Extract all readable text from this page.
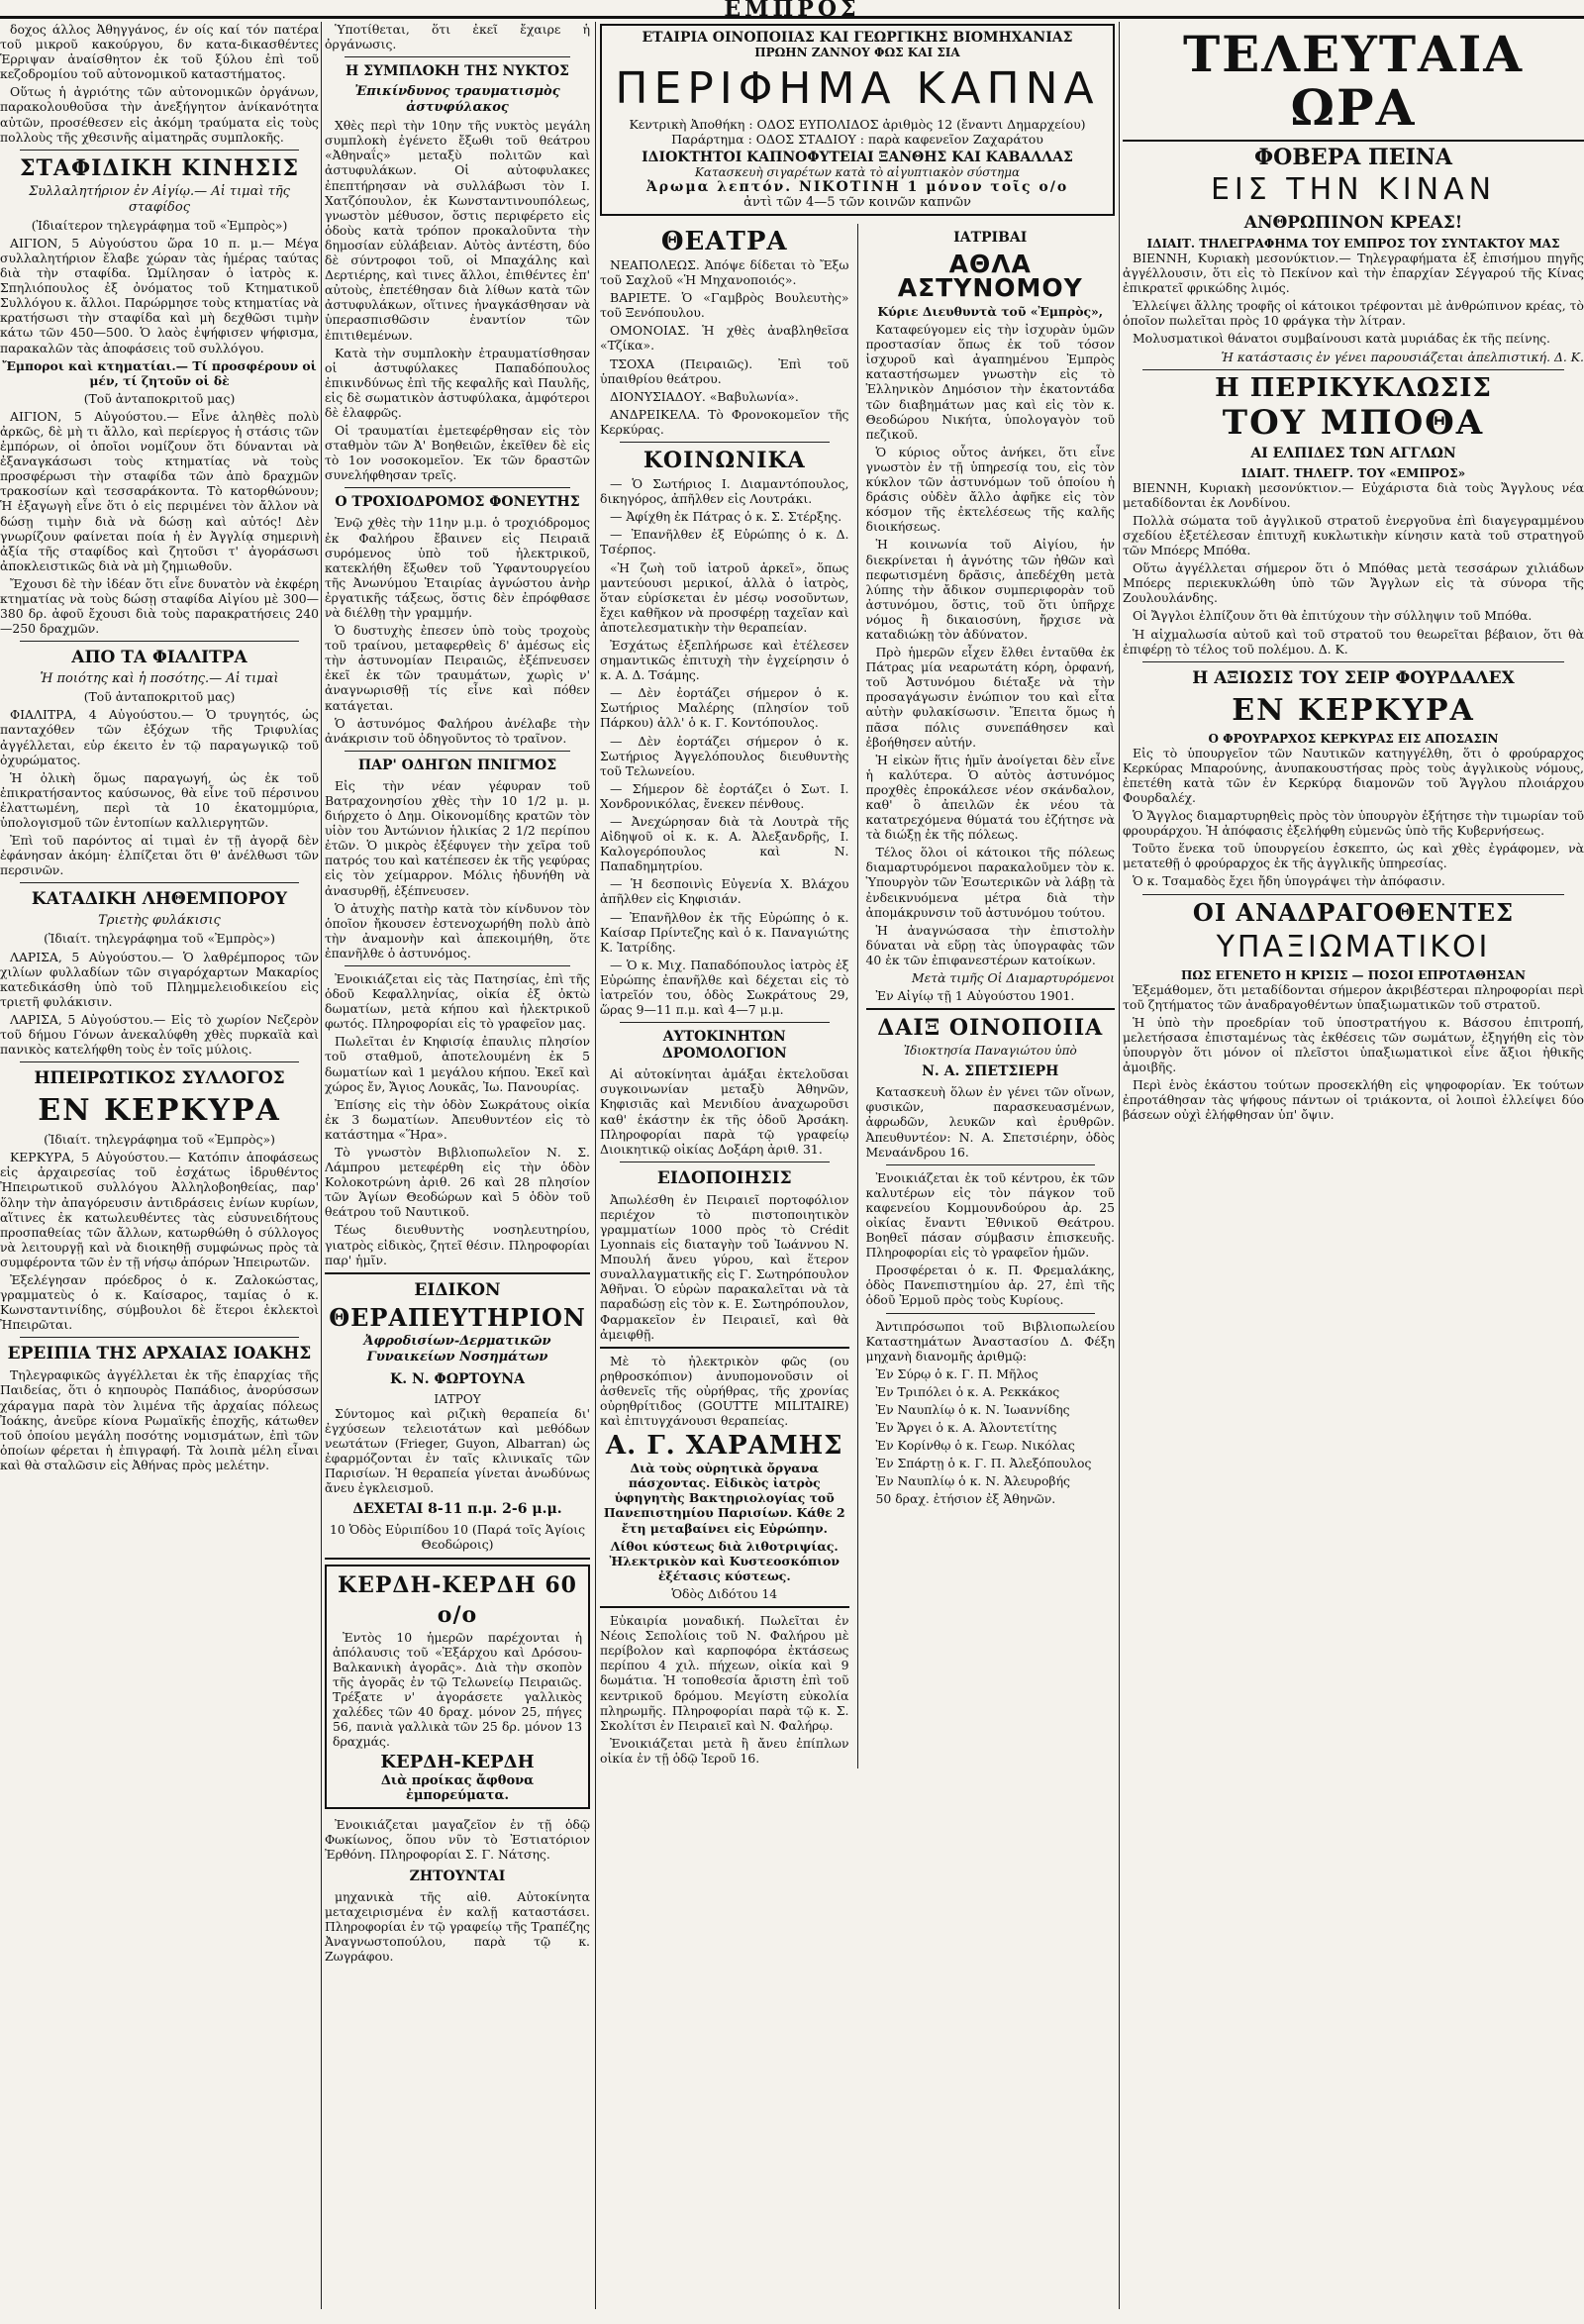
ΕΜΠΡΟΣ

δοχος άλλος Ἀθηγγάνος, έν οίς καί τόν πατέρα τοῦ μικροῦ κακούργου, δν κατα-δικασθέντες Ἑρριψαν ἀναίσθητον ἐκ τοῦ ξύλου ἐπὶ τοῦ κεζοδρομίου τοῦ αὐτονομικοῦ καταστήματος.

Οὕτως ἡ ἀγριότης τῶν αὐτονομικῶν ὀργάνων, παρακολουθοῦσα τὴν ἀνεξήγητον ἀνίκανότητα αὐτῶν, προσέθεσεν εἰς ἀκόμη τραύματα εἰς τοὺς πολλοὺς τῆς χθεσινῆς αἱματηρᾶς συμπλοκῆς.

ΣΤΑΦΙΔΙΚΗ ΚΙΝΗΣΙΣ
Συλλαλητήριον ἐν Αἰγίῳ.— Αἱ τιμαὶ τῆς σταφίδος

(Ἰδιαίτερον τηλεγράφημα τοῦ «Ἐμπρὸς»)

ΑΙΓΙΟΝ, 5 Αὐγούστου ὥρα 10 π. μ.— Μέγα συλλαλητήριον ἔλαβε χώραν τὰς ἡμέρας ταύτας διὰ τὴν σταφίδα. Ὡμίλησαν ὁ ἰατρὸς κ. Σπηλιόπουλος ἐξ ὀνόματος τοῦ Κτηματικοῦ Συλλόγου κ. ἄλλοι. Παρώρμησε τοὺς κτηματίας νὰ κρατήσωσι τὴν σταφίδα καὶ μὴ δεχθῶσι τιμὴν κάτω τῶν 450—500. Ὁ λαὸς ἐψήφισεν ψήφισμα, παρακαλῶν τὰς ἀποφάσεις τοῦ συλλόγου.

Ἔμποροι καὶ κτηματίαι.— Τί προσφέρουν οἱ μέν, τί ζητοῦν οἱ δὲ

(Τοῦ ἀνταποκριτοῦ μας)

ΑΙΓΙΟΝ, 5 Αὐγούστου.— Εἶνε ἀληθὲς πολὺ ἀρκῶς, δὲ μὴ τι ἄλλο, καὶ περίεργος ἡ στάσις τῶν ἐμπόρων, οἱ ὁποῖοι νομίζουν ὅτι δύνανται νὰ ἐξαναγκάσωσι τοὺς κτηματίας νὰ τοὺς προσφέρωσι τὴν σταφίδα τῶν ἀπὸ δραχμῶν τρακοσίων καὶ τεσσαράκοντα. Τὸ κατορθώνουν; Ἡ ἐξαγωγὴ εἶνε ὅτι ὁ εἰς περιμένει τὸν ἄλλον νὰ δώσῃ τιμὴν διὰ νὰ δώσῃ καὶ αὐτός! Δὲν γνωρίζουν φαίνεται ποία ἡ ἐν Ἀγγλίᾳ σημερινὴ ἀξία τῆς σταφίδος καὶ ζητοῦσι τ' ἀγοράσωσι ἀποκλειστικῶς διὰ νὰ μὴ ζημιωθοῦν.

Ἔχουσι δὲ τὴν ἰδέαν ὅτι εἶνε δυνατὸν νὰ ἐκφέρη κτηματίας νὰ τοὺς δώσῃ σταφίδα Αἰγίου μὲ 300—380 δρ. ἀφοῦ ἔχουσι διὰ τοὺς παρακρατήσεις 240—250 δραχμῶν.

ΑΠΟ ΤΑ ΦΙΑΛΙΤΡΑ
Ἡ ποιότης καὶ ἡ ποσότης.— Αἱ τιμαὶ

(Τοῦ ἀνταποκριτοῦ μας)

ΦΙΑΛΙΤΡΑ, 4 Αὐγούστου.— Ὁ τρυγητός, ὡς πανταχόθεν τῶν ἐξόχων τῆς Τριφυλίας ἀγγέλλεται, εὑρ έκειτο ἐν τῷ παραγωγικῷ τοῦ ὀχυρώματος.

Ἡ ὀλικὴ ὅμως παραγωγή, ὡς ἐκ τοῦ ἐπικρατήσαντος καύσωνος, θὰ εἶνε τοῦ πέρσινου ἐλαττωμένη, περὶ τὰ 10 ἑκατομμύρια, ὑπολογισμοῦ τῶν ἐντοπίων καλλιεργητῶν.

Ἐπὶ τοῦ παρόντος αἱ τιμαὶ ἐν τῇ ἀγορᾷ δὲν ἐφάνησαν ἀκόμη· ἐλπίζεται ὅτι θ' ἀνέλθωσι τῶν περσινῶν.

ΚΑΤΑΔΙΚΗ ΛΗΘΕΜΠΟΡΟΥ
Τριετὴς φυλάκισις

(Ἰδιαίτ. τηλεγράφημα τοῦ «Ἐμπρὸς»)

ΛΑΡΙΣΑ, 5 Αὐγούστου.— Ὁ λαθρέμπορος τῶν χιλίων φυλλαδίων τῶν σιγαρόχαρτων Μακαρίος κατεδικάσθη ὑπὸ τοῦ Πλημμελειοδικείου εἰς τριετῆ φυλάκισιν.

ΛΑΡΙΣΑ, 5 Αὐγούστου.— Εἰς τὸ χωρίον Νεζερὸν τοῦ δήμου Γόνων ἀνεκαλύφθη χθὲς πυρκαϊὰ καὶ πανικὸς κατελήφθη τοὺς ἐν τοῖς μύλοις.

ΗΠΕΙΡΩΤΙΚΟΣ ΣΥΛΛΟΓΟΣ
ΕΝ ΚΕΡΚΥΡΑ

(Ἰδιαίτ. τηλεγράφημα τοῦ «Ἐμπρὸς»)

ΚΕΡΚΥΡΑ, 5 Αὐγούστου.— Κατόπιν ἀποφάσεως εἰς ἀρχαιρεσίας τοῦ ἐσχάτως ἱδρυθέντος Ἠπειρωτικοῦ συλλόγου Ἀλληλοβοηθείας, παρ' ὅλην τὴν ἀπαγόρευσιν ἀντιδράσεις ἐνίων κυρίων, αἵτινες ἐκ κατωλευθέντες τὰς εὐσυνειδήτους προσπαθείας τῶν ἄλλων, κατωρθώθη ὁ σύλλογος νὰ λειτουργῇ καὶ νὰ διοικηθῇ συμφώνως πρὸς τὰ συμφέροντα τῶν ἐν τῇ νήσῳ ἀπόρων Ἠπειρωτῶν.

Ἐξελέγησαν πρόεδρος ὁ κ. Ζαλοκώστας, γραμματεὺς ὁ κ. Καίσαρος, ταμίας ὁ κ. Κωνσταντινίδης, σύμβουλοι δὲ ἕτεροι ἐκλεκτοὶ Ἠπειρῶται.

ΕΡΕΙΠΙΑ ΤΗΣ ΑΡΧΑΙΑΣ ΙΟΑΚΗΣ

Τηλεγραφικῶς ἀγγέλλεται ἐκ τῆς ἐπαρχίας τῆς Παιδείας, ὅτι ὁ κηπουρὸς Παπάδιος, ἀνορύσσων χάραγμα παρὰ τὸν λιμένα τῆς ἀρχαίας πόλεως Ἰοάκης, ἀνεῦρε κίονα Ρωμαϊκῆς ἐποχῆς, κάτωθεν τοῦ ὁποίου μεγάλη ποσότης νομισμάτων, ἐπὶ τῶν ὁποίων φέρεται ἡ ἐπιγραφή. Τὰ λοιπὰ μέλη εἶναι καὶ θὰ σταλῶσιν εἰς Ἀθήνας πρὸς μελέτην.

Ὑποτίθεται, ὅτι ἐκεῖ ἔχαιρε ἡ ὀργάνωσις.

Η ΣΥΜΠΛΟΚΗ ΤΗΣ ΝΥΚΤΟΣ
Ἐπικίνδυνος τραυματισμὸς ἀστυφύλακος

Χθὲς περὶ τὴν 10ην τῆς νυκτὸς μεγάλη συμπλοκὴ ἐγένετο ἔξωθι τοῦ θεάτρου «Ἀθηναΐς» μεταξὺ πολιτῶν καὶ ἀστυφυλάκων. Οἱ αὐτοφυλακες ἐπεπτήρησαν νὰ συλλάβωσι τὸν Ι. Χατζόπουλον, ἐκ Κωνσταντινουπόλεως, γνωστὸν μέθυσον, ὅστις περιφέρετο εἰς ὁδοὺς κατὰ τρόπον προκαλοῦντα τὴν δημοσίαν εὐλάβειαν. Αὐτὸς ἀντέστη, δύο δὲ σύντροφοι τοῦ, οἱ Μπαχάλης καὶ Δερτιέρης, καὶ τινες ἄλλοι, ἐπιθέντες ἐπ' αὐτοὺς, ἐπετέθησαν διὰ λίθων κατὰ τῶν ἀστυφυλάκων, οἵτινες ἠναγκάσθησαν νὰ ὑπερασπισθῶσιν ἐναντίον τῶν ἐπιτιθεμένων.

Κατὰ τὴν συμπλοκὴν ἐτραυματίσθησαν οἱ ἀστυφύλακες Παπαδόπουλος ἐπικινδύνως ἐπὶ τῆς κεφαλῆς καὶ Παυλῆς, εἰς δὲ σωματικὸν ἀστυφύλακα, ἀμφότεροι δὲ ἐλαφρῶς.

Οἱ τραυματίαι ἐμετεφέρθησαν εἰς τὸν σταθμὸν τῶν Ἀ' Βοηθειῶν, ἐκεῖθεν δὲ εἰς τὸ 1ον νοσοκομεῖον. Ἐκ τῶν δραστῶν συνελήφθησαν τρεῖς.

Ο ΤΡΟΧΙΟΔΡΟΜΟΣ ΦΟΝΕΥΤΗΣ

Ἐνῷ χθὲς τὴν 11ην μ.μ. ὁ τροχιόδρομος ἐκ Φαλήρου ἔβαινεν εἰς Πειραιᾶ συρόμενος ὑπὸ τοῦ ἠλεκτρικοῦ, κατεκλήθη ἔξωθεν τοῦ Ὑφαντουργείου τῆς Ἀνωνύμου Ἑταιρίας ἀγνώστου ἀνὴρ ἐργατικῆς τάξεως, ὅστις δὲν ἐπρόφθασε νὰ διέλθῃ τὴν γραμμήν.

Ὁ δυστυχὴς ἐπεσεν ὑπὸ τοὺς τροχοὺς τοῦ τραίνου, μεταφερθεὶς δ' ἀμέσως εἰς τὴν ἀστυνομίαν Πειραιῶς, ἐξέπνευσεν ἐκεῖ ἐκ τῶν τραυμάτων, χωρὶς ν' ἀναγνωρισθῇ τίς εἶνε καὶ πόθεν κατάγεται.

Ὁ ἀστυνόμος Φαλήρου ἀνέλαβε τὴν ἀνάκρισιν τοῦ ὀδηγοῦντος τὸ τραῖνον.

ΠΑΡ' ΟΔΗΓΩΝ ΠΝΙΓΜΟΣ

Εἰς τὴν νέαν γέφυραν τοῦ Βατραχονησίου χθὲς τὴν 10 1/2 μ. μ. διήρχετο ὁ Δημ. Οἰκονομίδης κρατῶν τὸν υἱὸν του Ἀντώνιον ἡλικίας 2 1/2 περίπου ἐτῶν. Ὁ μικρὸς ἐξέφυγεν τὴν χεῖρα τοῦ πατρός του καὶ κατέπεσεν ἐκ τῆς γεφύρας εἰς τὸν χείμαρρον. Μόλις ἠδυνήθη νὰ ἀνασυρθῇ, ἐξέπνευσεν.

Ὁ ἀτυχὴς πατὴρ κατὰ τὸν κίνδυνον τὸν ὁποῖον ἤκουσεν ἐστενοχωρήθη πολὺ ἀπὸ τὴν ἀναμονὴν καὶ ἀπεκοιμήθη, ὅτε ἐπανῆλθε ὁ ἀστυνόμος.

Ἐνοικιάζεται εἰς τὰς Πατησίας, ἐπὶ τῆς ὁδοῦ Κεφαλληνίας, οἰκία ἐξ ὀκτὼ δωματίων, μετὰ κήπου καὶ ἠλεκτρικοῦ φωτός. Πληροφορίαι εἰς τὸ γραφεῖον μας.

Πωλεῖται ἐν Κηφισίᾳ ἐπαυλις πλησίον τοῦ σταθμοῦ, ἀποτελουμένη ἐκ 5 δωματίων καὶ 1 μεγάλου κήπου. Ἐκεῖ καὶ χώρος ἔν, Ἄγιος Λουκᾶς, Ἰω. Πανουρίας.

Ἐπίσης εἰς τὴν ὁδὸν Σωκράτους οἰκία ἐκ 3 δωματίων. Ἀπευθυντέον εἰς τὸ κατάστημα «Ἥρα».

Τὸ γνωστὸν Βιβλιοπωλεῖον Ν. Σ. Λάμπρου μετεφέρθη εἰς τὴν ὁδὸν Κολοκοτρώνη ἀριθ. 26 καὶ 28 πλησίον τῶν Ἁγίων Θεοδώρων καὶ 5 ὁδὸν τοῦ θεάτρου τοῦ Ναυτικοῦ.

Τέως διευθυντὴς νοσηλευτηρίου, γιατρὸς εἰδικὸς, ζητεῖ θέσιν. Πληροφορίαι παρ' ἡμῖν.

ΕΙΔΙΚΟΝ
ΘΕΡΑΠΕΥΤΗΡΙΟΝ
Ἀφροδισίων-Δερματικῶν Γυναικείων Νοσημάτων
Κ. Ν. ΦΩΡΤΟΥΝΑ
ΙΑΤΡΟΥ

Σύντομος καὶ ριζικὴ θεραπεία δι' ἐγχύσεων τελειοτάτων καὶ μεθόδων νεωτάτων (Frieger, Guyon, Albarran) ὡς ἐφαρμόζονται ἐν ταῖς κλινικαῖς τῶν Παρισίων. Ἡ θεραπεία γίνεται ἀνωδύνως ἄνευ ἐγκλεισμοῦ.

ΔΕΧΕΤΑΙ 8-11 π.μ. 2-6 μ.μ.

10 Ὁδὸς Εὐριπίδου 10 (Παρά τοῖς Ἁγίοις Θεοδώροις)

ΚΕΡΔΗ-ΚΕΡΔΗ 60 ο/ο

Ἐντὸς 10 ἡμερῶν παρέχονται ἡ ἀπόλαυσις τοῦ «Ἐξάρχου καὶ Δρόσου-Βαλκανικὴ ἀγορᾶς». Διὰ τὴν σκοπὸν τῆς ἀγορᾶς ἐν τῷ Τελωνείῳ Πειραιῶς. Τρέξατε ν' ἀγοράσετε γαλλικὸς χαλέδες τῶν 40 δραχ. μόνον 25, πήγες 56, πανιὰ γαλλικὰ τῶν 25 δρ. μόνον 13 δραχμάς.

ΚΕΡΔΗ-ΚΕΡΔΗ
Διὰ προίκας ἄφθονα ἐμπορεύματα.

Ἐνοικιάζεται μαγαζεῖον ἐν τῇ ὁδῷ Φωκίωνος, ὅπου νῦν τὸ Ἐστιατόριον Ἐρθόνη. Πληροφορίαι Σ. Γ. Νάτσης.

ΖΗΤΟΥΝΤΑΙ

μηχανικὰ τῆς αἰθ. Αὐτοκίνητα μεταχειρισμένα ἐν καλῇ καταστάσει. Πληροφορίαι ἐν τῷ γραφείῳ τῆς Τραπέζης Ἀναγνωστοπούλου, παρὰ τῷ κ. Ζωγράφου.

ΕΤΑΙΡΙΑ ΟΙΝΟΠΟΙΙΑΣ ΚΑΙ ΓΕΩΡΓΙΚΗΣ ΒΙΟΜΗΧΑΝΙΑΣ
ΠΡΩΗΝ ΖΑΝΝΟΥ ΦΩΣ ΚΑΙ ΣΙΑ
ΠΕΡΙΦΗΜΑ ΚΑΠΝΑ
Κεντρικὴ Ἀποθήκη : ΟΔΟΣ ΕΥΠΟΛΙΔΟΣ ἀριθμὸς 12 (ἔναντι Δημαρχείου)
Παράρτημα : ΟΔΟΣ ΣΤΑΔΙΟΥ : παρὰ καφενεῖον Ζαχαράτου
ΙΔΙΟΚΤΗΤΟΙ ΚΑΠΝΟΦΥΤΕΙΑΙ ΞΑΝΘΗΣ ΚΑΙ ΚΑΒΑΛΛΑΣ
Κατασκευὴ σιγαρέτων κατὰ τὸ αἰγυπτιακὸν σύστημα
Ἀρωμα λεπτόν. ΝΙΚΟΤΙΝΗ 1 μόνον τοῖς ο/ο
ἀντὶ τῶν 4—5 τῶν κοινῶν καπνῶν
ΘΕΑΤΡΑ

ΝΕΑΠΟΛΕΩΣ. Ἀπόψε δίδεται τὸ Ἔξω τοῦ Σαχλοῦ «Ἡ Μηχανοποιός».

ΒΑΡΙΕΤΕ. Ὁ «Γαμβρὸς Βουλευτὴς» τοῦ Ξενόπουλου.

ΟΜΟΝΟΙΑΣ. Ἡ χθὲς ἀναβληθεῖσα «Τζίκα».

ΤΣΟΧΑ (Πειραιῶς). Ἐπὶ τοῦ ὑπαιθρίου θεάτρου.

ΔΙΟΝΥΣΙΑΔΟΥ. «Βαβυλωνία».

ΑΝΔΡΕΙΚΕΛΑ. Τὸ Φρονοκομεῖον τῆς Κερκύρας.

ΚΟΙΝΩΝΙΚΑ

— Ὁ Σωτήριος Ι. Διαμαντόπουλος, δικηγόρος, ἀπῆλθεν εἰς Λουτράκι.

— Ἀφίχθη ἐκ Πάτρας ὁ κ. Σ. Στέρξης.

— Ἐπανῆλθεν ἐξ Εὐρώπης ὁ κ. Δ. Τσέρπος.

«Ἡ ζωὴ τοῦ ἰατροῦ ἀρκεῖ», ὅπως μαντεύουσι μερικοί, ἀλλὰ ὁ ἰατρὸς, ὅταν εὑρίσκεται ἐν μέσῳ νοσοῦντων, ἔχει καθῆκον νὰ προσφέρῃ ταχεῖαν καὶ ἀποτελεσματικὴν τὴν θεραπείαν.

Ἐσχάτως ἐξεπλήρωσε καὶ ἐτέλεσεν σημαντικῶς ἐπιτυχὴ τὴν ἐγχείρησιν ὁ κ. Α. Δ. Τσάμης.

— Δὲν ἐορτάζει σήμερον ὁ κ. Σωτήριος Μαλέρης (πλησίον τοῦ Πάρκου) ἀλλ' ὁ κ. Γ. Κοντόπουλος.

— Δὲν ἐορτάζει σήμερον ὁ κ. Σωτήριος Ἀγγελόπουλος διευθυντὴς τοῦ Τελωνείου.

— Σήμερον δὲ ἐορτάζει ὁ Σωτ. Ι. Χονδρονικόλας, ἔνεκεν πένθους.

— Ἀνεχώρησαν διὰ τὰ Λουτρὰ τῆς Αἰδηψοῦ οἱ κ. κ. Α. Ἀλεξανδρῆς, Ι. Καλογερόπουλος καὶ Ν. Παπαδημητρίου.

— Ἡ δεσποινὶς Εὐγενία Χ. Βλάχου ἀπῆλθεν εἰς Κηφισιάν.

— Ἐπανῆλθον ἐκ τῆς Εὐρώπης ὁ κ. Καίσαρ Πρίντεζης καὶ ὁ κ. Παναγιώτης Κ. Ἰατρίδης.

— Ὁ κ. Μιχ. Παπαδόπουλος ἰατρὸς ἐξ Εὐρώπης ἐπανῆλθε καὶ δέχεται εἰς τὸ ἰατρεῖόν του, ὁδὸς Σωκράτους 29, ὥρας 9—11 π.μ. καὶ 4—7 μ.μ.

ΑΥΤΟΚΙΝΗΤΩΝ ΔΡΟΜΟΛΟΓΙΟΝ

Αἱ αὐτοκίνηται ἀμάξαι ἐκτελοῦσαι συγκοινωνίαν μεταξὺ Ἀθηνῶν, Κηφισιᾶς καὶ Μενιδίου ἀναχωροῦσι καθ' ἑκάστην ἐκ τῆς ὁδοῦ Ἀρσάκη. Πληροφορίαι παρὰ τῷ γραφείῳ Διοικητικῷ οἰκίας Δοξάρη ἀριθ. 31.

ΕΙΔΟΠΟΙΗΣΙΣ

Ἀπωλέσθη ἐν Πειραιεῖ πορτοφόλιον περιέχον τὸ πιστοποιητικὸν γραμματίων 1000 πρὸς τὸ Crédit Lyonnais εἰς διαταγὴν τοῦ Ἰωάννου Ν. Μπουλή ἄνευ γύρου, καὶ ἕτερον συναλλαγματικῆς εἰς Γ. Σωτηρόπουλον Ἀθῆναι. Ὁ εὑρὼν παρακαλεῖται νὰ τὰ παραδώσῃ εἰς τὸν κ. Ε. Σωτηρόπουλον, Φαρμακεῖον ἐν Πειραιεῖ, καὶ θὰ ἀμειφθῇ.

Μὲ τὸ ἠλεκτρικὸν φῶς (ου ρηθροσκόπιον) ἀνυπομονοῦσιν οἱ ἀσθενεῖς τῆς οὐρήθρας, τῆς χρονίας οὐρηθρίτιδος (GOUTTE MILITAIRE) καὶ ἐπιτυγχάνουσι θεραπείας.

Α. Γ. ΧΑΡΑΜΗΣ

Διὰ τοὺς οὐρητικὰ ὄργανα πάσχοντας. Εἰδικὸς ἰατρὸς ὑφηγητὴς Βακτηριολογίας τοῦ Πανεπιστημίου Παρισίων. Κάθε 2 ἔτη μεταβαίνει εἰς Εὐρώπην.

Λίθοι κύστεως διὰ λιθοτριψίας. Ἠλεκτρικὸν καὶ Κυστεοσκόπιον ἐξέτασις κύστεως.

Ὁδὸς Διδότου 14

Εὐκαιρία μοναδική. Πωλεῖται ἐν Νέοις Σεπολίοις τοῦ Ν. Φαλήρου μὲ περίβολον καὶ καρποφόρα ἐκτάσεως περίπου 4 χιλ. πήχεων, οἰκία καὶ 9 δωμάτια. Ἡ τοποθεσία ἄριστη ἐπὶ τοῦ κεντρικοῦ δρόμου. Μεγίστη εὐκολία πληρωμῆς. Πληροφορίαι παρὰ τῷ κ. Σ. Σκολίτσι ἐν Πειραιεῖ καὶ Ν. Φαλήρῳ.

Ἐνοικιάζεται μετὰ ἢ ἄνευ ἐπίπλων οἰκία ἐν τῇ ὁδῷ Ἱεροῦ 16.

ΙΑΤΡΙΒΑΙ
ΑΘΛΑ ΑΣΤΥΝΟΜΟΥ

Κύριε Διευθυντὰ τοῦ «Ἐμπρὸς»,

Καταφεύγομεν εἰς τὴν ἰσχυρὰν ὑμῶν προστασίαν ὅπως ἐκ τοῦ τόσον ἰσχυροῦ καὶ ἀγαπημένου Ἐμπρὸς καταστήσωμεν γνωστὴν εἰς τὸ Ἑλληνικὸν Δημόσιον τὴν ἐκατοντάδα τῶν διαβημάτων μας καὶ εἰς τὸν κ. Θεοδώρου Νικήτα, ὑπολογαγὸν τοῦ πεζικοῦ.

Ὁ κύριος οὗτος ἀνήκει, ὅτι εἶνε γνωστὸν ἐν τῇ ὑπηρεσίᾳ του, εἰς τὸν κύκλον τῶν ἀστυνόμων τοῦ ὁποίου ἡ δράσις οὐδὲν ἄλλο ἀφῆκε εἰς τὸν κόσμον τῆς ἐκτελέσεως τῆς καλῆς διοικήσεως.

Ἡ κοινωνία τοῦ Αἰγίου, ἡν διεκρίνεται ἡ ἁγνότης τῶν ἠθῶν καὶ πεφωτισμένη δρᾶσις, ἀπεδέχθη μετὰ λύπης τὴν ἄδικον συμπεριφορὰν τοῦ ἀστυνόμου, ὅστις, τοῦ ὅτι ὑπῆρχε νόμος ἢ δικαιοσύνη, ἤρχισε νὰ καταδιώκῃ τὸν ἀδύνατον.

Πρὸ ἡμερῶν εἶχεν ἔλθει ἐνταῦθα ἐκ Πάτρας μία νεαρωτάτη κόρη, ὀρφανή, τοῦ Ἀστυνόμου διέταξε νὰ τὴν προσαγάγωσιν ἐνώπιον του καὶ εἶτα αὐτὴν φυλακίσωσιν. Ἔπειτα ὅμως ἡ πᾶσα πόλις συνεπάθησεν καὶ ἐβοήθησεν αὐτήν.

Ἡ εἰκὼν ἥτις ἡμῖν ἀνοίγεται δὲν εἶνε ἡ καλύτερα. Ὁ αὐτὸς ἀστυνόμος προχθὲς ἐπροκάλεσε νέον σκάνδαλον, καθ' ὃ ἀπειλῶν ἐκ νέου τὰ κατατρεχόμενα θύματά του ἐζήτησε νὰ τὰ διώξῃ ἐκ τῆς πόλεως.

Τέλος ὅλοι οἱ κάτοικοι τῆς πόλεως διαμαρτυρόμενοι παρακαλοῦμεν τὸν κ. Ὑπουργὸν τῶν Ἐσωτερικῶν νὰ λάβῃ τὰ ἐνδεικνυόμενα μέτρα διὰ τὴν ἀπομάκρυνσιν τοῦ ἀστυνόμου τούτου.

Ἡ ἀναγνώσασα τὴν ἐπιστολὴν δύναται νὰ εὕρῃ τὰς ὑπογραφὰς τῶν 40 ἐκ τῶν ἐπιφανεστέρων κατοίκων.

Μετὰ τιμῆς Οἱ Διαμαρτυρόμενοι

Ἐν Αἰγίῳ τῇ 1 Αὐγούστου 1901.

ΔΑΙΞ ΟΙΝΟΠΟΙΙΑ
Ἰδιοκτησία Παναγιώτου ὑπὸ
Ν. Α. ΣΠΕΤΣΙΕΡΗ

Κατασκευὴ ὅλων ἐν γένει τῶν οἴνων, φυσικῶν, παρασκευασμένων, ἀφρωδῶν, λευκῶν καὶ ἐρυθρῶν. Ἀπευθυντέον: Ν. Α. Σπετσιέρην, ὁδὸς Μεναάνδρου 16.

Ἐνοικιάζεται ἐκ τοῦ κέντρου, ἐκ τῶν καλυτέρων εἰς τὸν πάγκον τοῦ καφενείου Κομμουνδούρου ἀρ. 25 οἰκίας ἔναντι Ἐθνικοῦ Θεάτρου. Βοηθεῖ πάσαν σύμβασιν ἐπισκευῆς. Πληροφορίαι εἰς τὸ γραφεῖον ἡμῶν.

Προσφέρεται ὁ κ. Π. Φρεμαλάκης, ὁδὸς Πανεπιστημίου ἀρ. 27, ἐπὶ τῆς ὁδοῦ Ἐρμοῦ πρὸς τοὺς Κυρίους.

Ἀντιπρόσωποι τοῦ Βιβλιοπωλείου Καταστημάτων Ἀναστασίου Δ. Φέξη μηχανὴ διανομῆς ἀριθμῷ:

Ἐν Σύρῳ ὁ κ. Γ. Π. Μῆλος

Ἐν Τριπόλει ὁ κ. Α. Ρεκκάκος

Ἐν Ναυπλίῳ ὁ κ. Ν. Ἰωαννίδης

Ἐν Ἄργει ὁ κ. Α. Ἀλοντετίτης

Ἐν Κορίνθῳ ὁ κ. Γεωρ. Νικόλας

Ἐν Σπάρτῃ ὁ κ. Γ. Π. Ἀλεξόπουλος

Ἐν Ναυπλίῳ ὁ κ. Ν. Ἀλευροβής

50 δραχ. ἐτήσιον ἐξ Ἀθηνῶν.

ΤΕΛΕΥΤΑΙΑ ΩΡΑ
ΦΟΒΕΡΑ ΠΕΙΝΑ
ΕΙΣ ΤΗΝ ΚΙΝΑΝ
ΑΝΘΡΩΠΙΝΟΝ ΚΡΕΑΣ!
ΙΔΙΑΙΤ. ΤΗΛΕΓΡΑΦΗΜΑ ΤΟΥ ΕΜΠΡΟΣ ΤΟΥ ΣΥΝΤΑΚΤΟΥ ΜΑΣ

ΒΙΕΝΝΗ, Κυριακὴ μεσονύκτιον.— Τηλεγραφήματα ἐξ ἐπισήμου πηγῆς ἀγγέλλουσιν, ὅτι εἰς τὸ Πεκίνον καὶ τὴν ἐπαρχίαν Σέγγαρού τῆς Κίνας ἐπικρατεῖ φρικώδης λιμός.

Ἐλλείψει ἄλλης τροφῆς οἱ κάτοικοι τρέφονται μὲ ἀνθρώπινον κρέας, τὸ ὁποῖον πωλεῖται πρὸς 10 φράγκα τὴν λίτραν.

Μολυσματικοὶ θάνατοι συμβαίνουσι κατὰ μυριάδας ἐκ τῆς πείνης.

Ἡ κατάστασις ἐν γένει παρουσιάζεται ἀπελπιστική. Δ. Κ.

Η ΠΕΡΙΚΥΚΛΩΣΙΣ
ΤΟΥ ΜΠΟΘΑ
ΑΙ ΕΛΠΙΔΕΣ ΤΩΝ ΑΓΓΛΩΝ
ΙΔΙΑΙΤ. ΤΗΛΕΓΡ. ΤΟΥ «ΕΜΠΡΟΣ»

ΒΙΕΝΝΗ, Κυριακὴ μεσονύκτιον.— Εὐχάριστα διὰ τοὺς Ἄγγλους νέα μεταδίδονται ἐκ Λονδίνου.

Πολλὰ σώματα τοῦ ἀγγλικοῦ στρατοῦ ἐνεργοῦνα ἐπὶ διαγεγραμμένου σχεδίου ἐξετέλεσαν ἐπιτυχῆ κυκλωτικὴν κίνησιν κατὰ τοῦ στρατηγοῦ τῶν Μπόερς Μπόθα.

Οὕτω ἀγγέλλεται σήμερον ὅτι ὁ Μπόθας μετὰ τεσσάρων χιλιάδων Μπόερς περιεκυκλώθη ὑπὸ τῶν Ἄγγλων εἰς τὰ σύνορα τῆς Ζουλουλάνδης.

Οἱ Ἄγγλοι ἐλπίζουν ὅτι θὰ ἐπιτύχουν τὴν σύλληψιν τοῦ Μπόθα.

Ἡ αἰχμαλωσία αὐτοῦ καὶ τοῦ στρατοῦ του θεωρεῖται βέβαιον, ὅτι θὰ ἐπιφέρῃ τὸ τέλος τοῦ πολέμου. Δ. Κ.

Η ΑΞΙΩΣΙΣ ΤΟΥ ΣΕΙΡ ΦΟΥΡΔΑΛΕΧ
ΕΝ ΚΕΡΚΥΡΑ
Ο ΦΡΟΥΡΑΡΧΟΣ ΚΕΡΚΥΡΑΣ ΕΙΣ ΑΠΟΣΑΣΙΝ

Εἰς τὸ ὑπουργεῖον τῶν Ναυτικῶν κατηγγέλθη, ὅτι ὁ φρούραρχος Κερκύρας Μπαρούνης, ἀνυπακουστήσας πρὸς τοὺς ἀγγλικοὺς νόμους, ἐπετέθη κατὰ τῶν ἐν Κερκύρᾳ διαμονῶν τοῦ Ἄγγλου πλοιάρχου Φουρδαλέχ.

Ὁ Ἄγγλος διαμαρτυρηθεὶς πρὸς τὸν ὑπουργὸν ἐξήτησε τὴν τιμωρίαν τοῦ φρουράρχου. Ἡ ἀπόφασις ἐξελήφθη εὐμενῶς ὑπὸ τῆς Κυβερνήσεως.

Τοῦτο ἕνεκα τοῦ ὑπουργείου ἐσκεπτο, ὡς καὶ χθὲς ἐγράφομεν, νὰ μετατεθῇ ὁ φρούραρχος ἐκ τῆς ἀγγλικῆς ὑπηρεσίας.

Ὁ κ. Τσαμαδὸς ἔχει ἤδη ὑπογράψει τὴν ἀπόφασιν.

ΟΙ ΑΝΑΔΡΑΓΟΘΕΝΤΕΣ
ΥΠΑΞΙΩΜΑΤΙΚΟΙ
ΠΩΣ ΕΓΕΝΕΤΟ Η ΚΡΙΣΙΣ — ΠΟΣΟΙ ΕΠΡΟΤΑΘΗΣΑΝ

Ἐξεμάθομεν, ὅτι μεταδίδονται σήμερον ἀκριβέστεραι πληροφορίαι περὶ τοῦ ζητήματος τῶν ἀναδραγοθέντων ὑπαξιωματικῶν τοῦ στρατοῦ.

Ἡ ὑπὸ τὴν προεδρίαν τοῦ ὑποστρατήγου κ. Βάσσου ἐπιτροπή, μελετήσασα ἐπισταμένως τὰς ἐκθέσεις τῶν σωμάτων, ἐξηγήθη εἰς τὸν ὑπουργὸν ὅτι μόνον οἱ πλεῖστοι ὑπαξιωματικοὶ εἶνε ἄξιοι ἠθικῆς ἀμοιβῆς.

Περὶ ἑνὸς ἑκάστου τούτων προσεκλήθη εἰς ψηφοφορίαν. Ἐκ τούτων ἐπροτάθησαν τὰς ψήφους πάντων οἱ τριάκοντα, οἱ λοιποὶ ἐλλείψει δύο βάσεων οὐχὶ ἐλήφθησαν ὑπ' ὄψιν.
